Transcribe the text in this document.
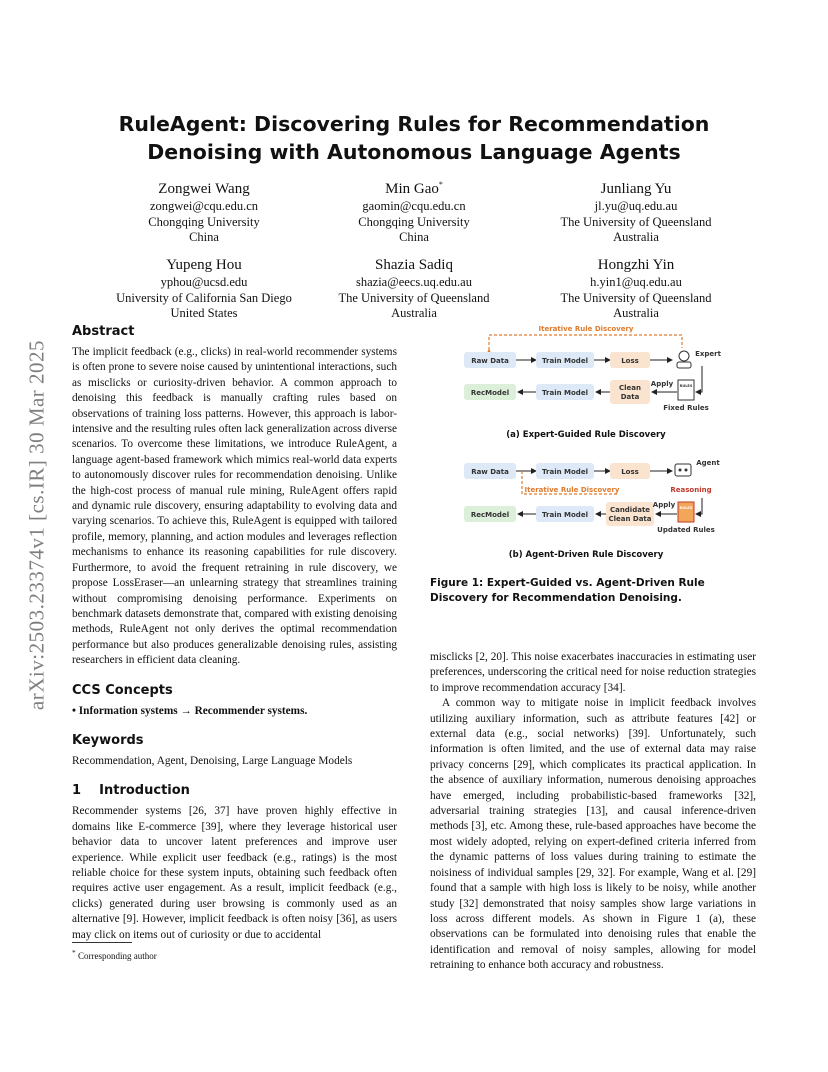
arXiv:2503.23374v1 [cs.IR] 30 Mar 2025
RuleAgent: Discovering Rules for Recommendation Denoising with Autonomous Language Agents
Zongwei Wang
zongwei@cqu.edu.cn
Chongqing University
China
Min Gao*
gaomin@cqu.edu.cn
Chongqing University
China
Junliang Yu
jl.yu@uq.edu.au
The University of Queensland
Australia
Yupeng Hou
yphou@ucsd.edu
University of California San Diego
United States
Shazia Sadiq
shazia@eecs.uq.edu.au
The University of Queensland
Australia
Hongzhi Yin
h.yin1@uq.edu.au
The University of Queensland
Australia
Abstract

The implicit feedback (e.g., clicks) in real-world recommender systems is often prone to severe noise caused by unintentional interactions, such as misclicks or curiosity-driven behavior. A common approach to denoising this feedback is manually crafting rules based on observations of training loss patterns. However, this approach is labor-intensive and the resulting rules often lack generalization across diverse scenarios. To overcome these limitations, we introduce RuleAgent, a language agent-based framework which mimics real-world data experts to autonomously discover rules for recommendation denoising. Unlike the high-cost process of manual rule mining, RuleAgent offers rapid and dynamic rule discovery, ensuring adaptability to evolving data and varying scenarios. To achieve this, RuleAgent is equipped with tailored profile, memory, planning, and action modules and leverages reflection mechanisms to enhance its reasoning capabilities for rule discovery. Furthermore, to avoid the frequent retraining in rule discovery, we propose LossEraser—an unlearning strategy that streamlines training without compromising denoising performance. Experiments on benchmark datasets demonstrate that, compared with existing denoising methods, RuleAgent not only derives the optimal recommendation performance but also produces generalizable denoising rules, assisting researchers in efficient data cleaning.

CCS Concepts

• Information systems → Recommender systems.

Keywords

Recommendation, Agent, Denoising, Large Language Models

1    Introduction

Recommender systems [26, 37] have proven highly effective in domains like E-commerce [39], where they leverage historical user behavior data to uncover latent preferences and improve user experience. While explicit user feedback (e.g., ratings) is the most reliable choice for these system inputs, obtaining such feedback often requires active user engagement. As a result, implicit feedback (e.g., clicks) generated during user browsing is commonly used as an alternative [9]. However, implicit feedback is often noisy [36], as users may click on items out of curiosity or due to accidental

* Corresponding author
Iterative Rule Discovery
Raw Data	Train Model	Loss
Expert
RecModel	Train Model
Clean
Data
Apply RULES
Fixed Rules
(a) Expert-Guided Rule Discovery
Raw Data	Train Model	Loss
Agent
Reasoning
Iterative Rule Discovery
RecModel	Train Model
Candidate
Clean Data
Apply RULES
Updated Rules
(b) Agent-Driven Rule Discovery
Figure 1: Expert-Guided vs. Agent-Driven Rule Discovery for Recommendation Denoising.

misclicks [2, 20]. This noise exacerbates inaccuracies in estimating user preferences, underscoring the critical need for noise reduction strategies to improve recommendation accuracy [34].

A common way to mitigate noise in implicit feedback involves utilizing auxiliary information, such as attribute features [42] or external data (e.g., social networks) [39]. Unfortunately, such information is often limited, and the use of external data may raise privacy concerns [29], which complicates its practical application. In the absence of auxiliary information, numerous denoising approaches have emerged, including probabilistic-based frameworks [32], adversarial training strategies [13], and causal inference-driven methods [3], etc. Among these, rule-based approaches have become the most widely adopted, relying on expert-defined criteria inferred from the dynamic patterns of loss values during training to estimate the noisiness of individual samples [29, 32]. For example, Wang et al. [29] found that a sample with high loss is likely to be noisy, while another study [32] demonstrated that noisy samples show large variations in loss across different models. As shown in Figure 1 (a), these observations can be formulated into denoising rules that enable the identification and removal of noisy samples, allowing for model retraining to enhance both accuracy and robustness.
